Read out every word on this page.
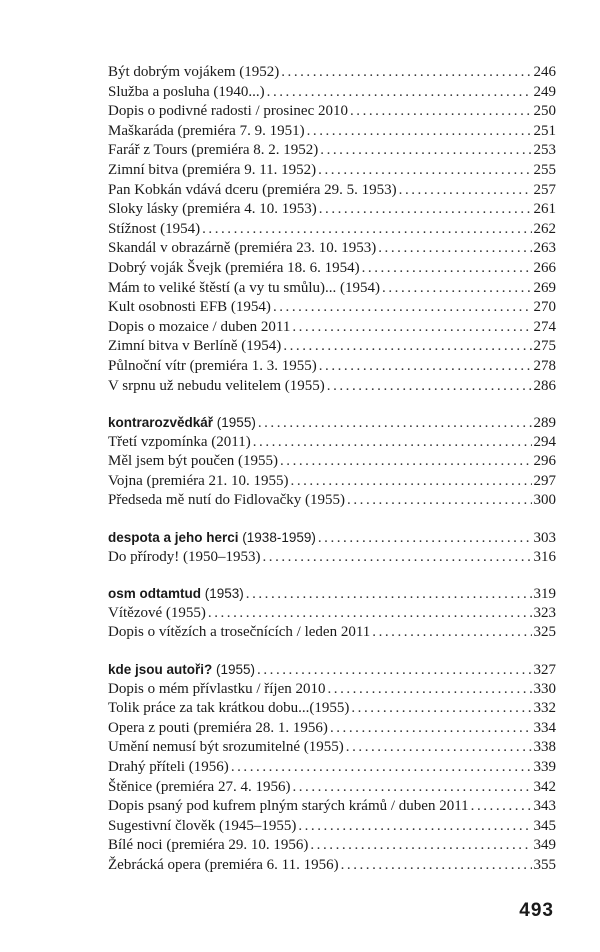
Být dobrým vojákem (1952) . . .	246
Služba a posluha (1940...) . . .	249
Dopis o podivné radosti / prosinec 2010 . . .	250
Maškaráda (premiéra 7. 9. 1951) . . .	251
Farář z Tours (premiéra 8. 2. 1952) . . .	253
Zimní bitva (premiéra 9. 11. 1952) . . .	255
Pan Kobkán vdává dceru (premiéra 29. 5. 1953) . . .	257
Sloky lásky (premiéra 4. 10. 1953) . . .	261
Stížnost (1954) . . .	262
Skandál v obrazárně (premiéra 23. 10. 1953) . . .	263
Dobrý voják Švejk (premiéra 18. 6. 1954) . . .	266
Mám to veliké štěstí (a vy tu smůlu)... (1954) . . .	269
Kult osobnosti EFB (1954) . . .	270
Dopis o mozaice / duben 2011 . . .	274
Zimní bitva v Berlíně (1954) . . .	275
Půlnoční vítr (premiéra 1. 3. 1955) . . .	278
V srpnu už nebudu velitelem (1955) . . .	286
kontrarozvědkář (1955) . . .	289
Třetí vzpomínka (2011) . . .	294
Měl jsem být poučen (1955) . . .	296
Vojna (premiéra 21. 10. 1955) . . .	297
Předseda mě nutí do Fidlovačky (1955) . . .	300
despota a jeho herci (1938-1959) . . .	303
Do přírody! (1950–1953) . . .	316
osm odtamtud (1953) . . .	319
Vítězové (1955) . . .	323
Dopis o vítězích a trosečnících / leden 2011 . . .	325
kde jsou autoři? (1955) . . .	327
Dopis o mém přívlastku / říjen 2010 . . .	330
Tolik práce za tak krátkou dobu...(1955) . . .	332
Opera z pouti (premiéra 28. 1. 1956) . . .	334
Umění nemusí být srozumitelné (1955) . . .	338
Drahý příteli (1956) . . .	339
Štěnice (premiéra 27. 4. 1956) . . .	342
Dopis psaný pod kufrem plným starých krámů / duben 2011 . . .	343
Sugestivní člověk (1945–1955) . . .	345
Bílé noci (premiéra 29. 10. 1956) . . .	349
Žebrácká opera (premiéra 6. 11. 1956) . . .	355
493
